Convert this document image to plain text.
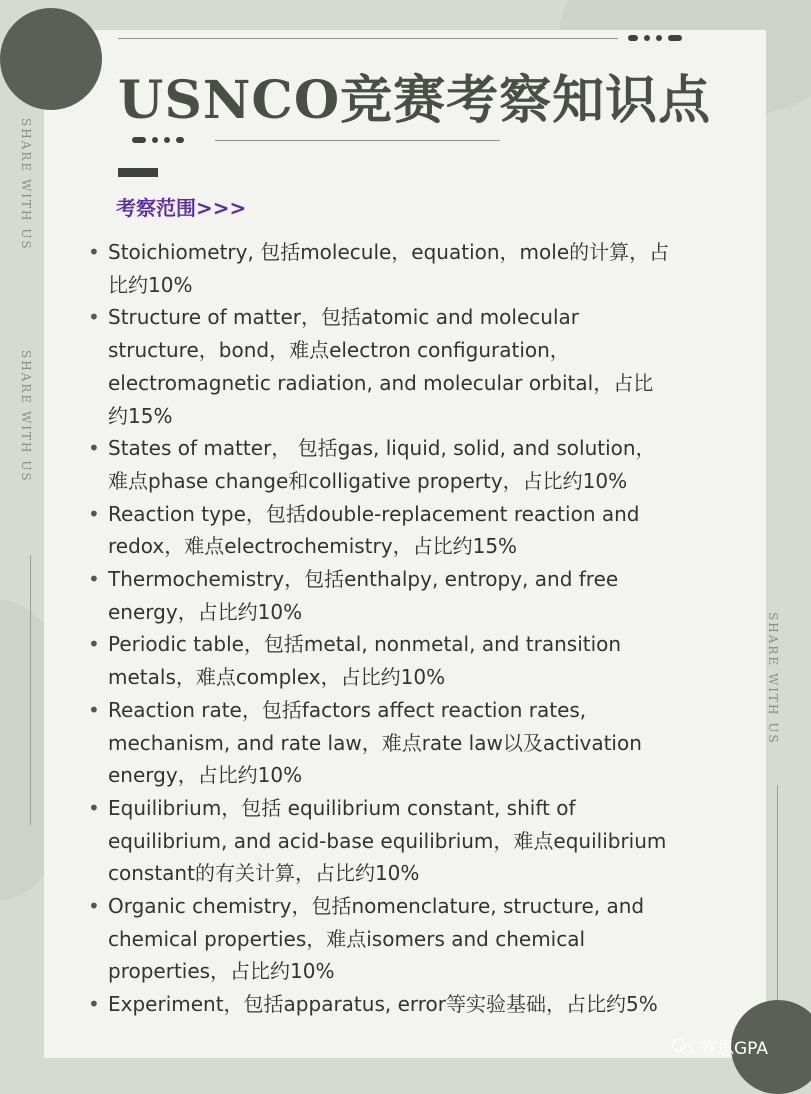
SHARE WITH US
SHARE WITH US
SHARE WITH US
USNCO竞赛考察知识点
考察范围>>>
• Stoichiometry, 包括molecule，equation，mole的计算，占
比约10%
• Structure of matter，包括atomic and molecular
structure，bond，难点electron configuration，
electromagnetic radiation, and molecular orbital，占比
约15%
• States of matter， 包括gas, liquid, solid, and solution，
难点phase change和colligative property，占比约10%
• Reaction type，包括double-replacement reaction and
redox，难点electrochemistry，占比约15%
• Thermochemistry，包括enthalpy, entropy, and free
energy，占比约10%
• Periodic table，包括metal, nonmetal, and transition
metals，难点complex，占比约10%
• Reaction rate，包括factors affect reaction rates,
mechanism, and rate law，难点rate law以及activation
energy，占比约10%
• Equilibrium，包括 equilibrium constant, shift of
equilibrium, and acid-base equilibrium，难点equilibrium
constant的有关计算，占比约10%
• Organic chemistry，包括nomenclature, structure, and
chemical properties，难点isomers and chemical
properties，占比约10%
• Experiment，包括apparatus, error等实验基础，占比约5%
赛思GPA
